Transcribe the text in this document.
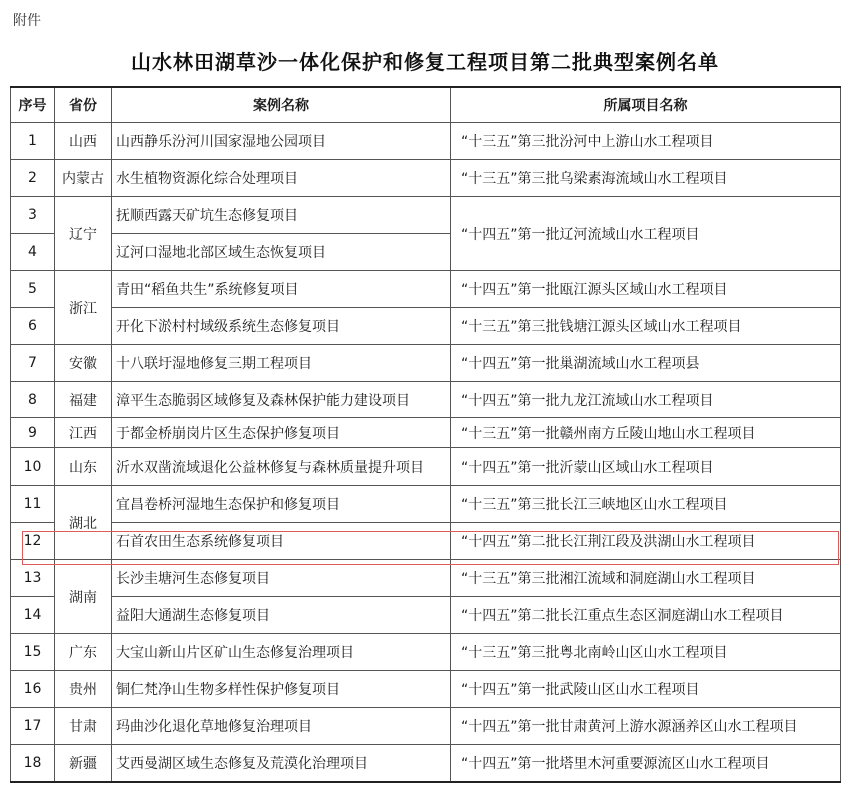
附件
山水林田湖草沙一体化保护和修复工程项目第二批典型案例名单
序号	省份	案例名称	所属项目名称
1	山西	山西静乐汾河川国家湿地公园项目	“十三五”第三批汾河中上游山水工程项目
2	内蒙古	水生植物资源化综合处理项目	“十三五”第三批乌梁素海流域山水工程项目
3	辽宁	抚顺西露天矿坑生态修复项目	“十四五”第一批辽河流域山水工程项目
4		辽河口湿地北部区域生态恢复项目	
5	浙江	青田“稻鱼共生”系统修复项目	“十四五”第一批瓯江源头区域山水工程项目
6		开化下淤村村域级系统生态修复项目	“十三五”第三批钱塘江源头区域山水工程项目
7	安徽	十八联圩湿地修复三期工程项目	“十四五”第一批巢湖流域山水工程项县
8	福建	漳平生态脆弱区域修复及森林保护能力建设项目	“十四五”第一批九龙江流域山水工程项目
9	江西	于都金桥崩岗片区生态保护修复项目	“十三五”第一批赣州南方丘陵山地山水工程项目
10	山东	沂水双凿流域退化公益林修复与森林质量提升项目	“十四五”第一批沂蒙山区域山水工程项目
11	湖北	宜昌卷桥河湿地生态保护和修复项目	“十三五”第三批长江三峡地区山水工程项目
12		石首农田生态系统修复项目	“十四五”第二批长江荆江段及洪湖山水工程项目
13	湖南	长沙圭塘河生态修复项目	“十三五”第三批湘江流域和洞庭湖山水工程项目
14		益阳大通湖生态修复项目	“十四五”第二批长江重点生态区洞庭湖山水工程项目
15	广东	大宝山新山片区矿山生态修复治理项目	“十三五”第三批粤北南岭山区山水工程项目
16	贵州	铜仁梵净山生物多样性保护修复项目	“十四五”第一批武陵山区山水工程项目
17	甘肃	玛曲沙化退化草地修复治理项目	“十四五”第一批甘肃黄河上游水源涵养区山水工程项目
18	新疆	艾西曼湖区域生态修复及荒漠化治理项目	“十四五”第一批塔里木河重要源流区山水工程项目
